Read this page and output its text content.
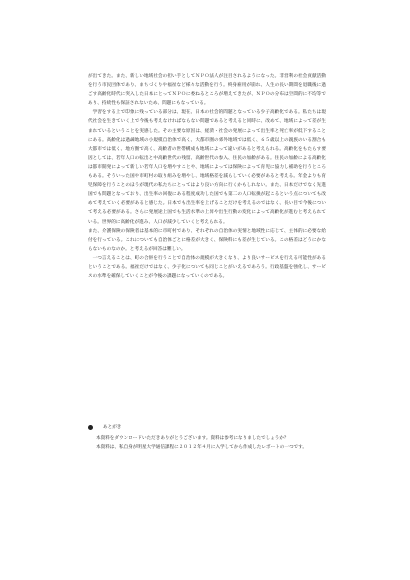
が出てきた。また、新しい地域社会の担い手としてＮＰＯ法人が注目されるようになった。非営利の社会貢献活動を行う市民団体であり、まちづくりや福祉など様々な活動を行う。終身雇用が崩れ、人生の長い期間を退職後に過ごす高齢化時代に突入した日本にとってＮＰＯに委ねるところが増えてきたが、ＮＰＯの分布は空間的に不均等であり、持続性も保証されないため、問題にもなっている。

学習をする上で印象に残っている部分は、現在、日本の社会的問題となっている少子高齢化である。私たちは現代社会を生きていく上で今後も考えなければならない問題であると考えると同時に、改めて、地域によって差が生まれているということを実感した。その主要な原因は、経済・社会の発展によって出生率と死亡率が低下することにある。高齢化は過疎地域の小規模自治体で高く、大都市圏の郊外地域では低く、６５歳以上の親族のいる割合も大都市では低く、地方圏で高く、高齢者の世帯構成も地域によって違いがあると考えられる。高齢化をもたらす要因としては、若年人口の転出と中高齢世代の残留、高齢世代の参入、住民の加齢がある。住民の加齢による高齢化は都市開発によって新しい若年人口を増やすことや、地域によっては保険によって育児に協力し補助を行うところもある。そういった国や市町村の取り組みを増やし、地域格差を減らしていく必要があると考える。年金よりも育児保障を行うことのほうが現代の私たちにとってはより良い方向に行くかもしれない。また、日本だけでなく先進国でも問題となっており、出生率の回復にある程度成功した国でも第二の人口転換が起こるという点についても改めて考えていく必要があると感じた。日本でも出生率を上げることだけを考えるのではなく、長い目で今後について考える必要がある。さらに発展途上国でも生活水準の上昇や出生行動の変化によって高齢化が進むと考えられている。世界的に高齢化が進み、人口が減少していくと考えられる。

また、介護保険の保険者は基本的に市町村であり、それぞれの自治体の実情と地域性に応じて、主体的に必要な給付を行っている。これについても自治体ごとに格差が大きく、保険料にも差が生じている。この格差はどうにかならないものなのか。と考えるが回答は難しい。

一つ言えることは、町の合併を行うことで自治体の規模が大きくなり、より良いサービスを行える可能性があるということである。福祉だけではなく、少子化についても同じことがいえるであろう。行政基盤を強化し、サービスの水準を確保していくことが今後の課題になっていくのである。

あとがき

本資料をダウンロードいただきありがとうございます。資料は参考になりましたでしょうか？

本資料は、私自身が明星大学通信課程に２０１２年４月に入学してから作成したレポートの一つです。
